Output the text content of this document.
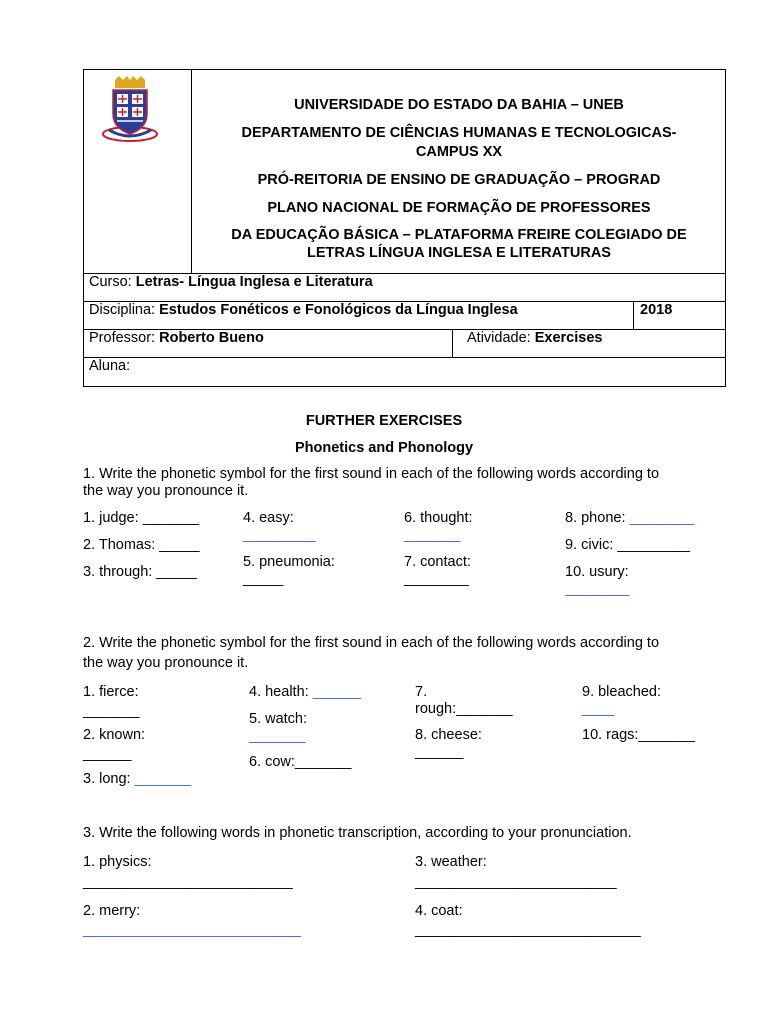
UNIVERSIDADE DO ESTADO DA BAHIA – UNEB
DEPARTAMENTO DE CIÊNCIAS HUMANAS E TECNOLOGICAS-
CAMPUS XX
PRÓ-REITORIA DE ENSINO DE GRADUAÇÃO – PROGRAD
PLANO NACIONAL DE FORMAÇÃO DE PROFESSORES
DA EDUCAÇÃO BÁSICA – PLATAFORMA FREIRE COLEGIADO DE
LETRAS LÍNGUA INGLESA E LITERATURAS
Curso: Letras- Língua Inglesa e Literatura
Disciplina: Estudos Fonéticos e Fonológicos da Língua Inglesa	2018
Professor: Roberto Bueno	Atividade: Exercises
Aluna:
FURTHER EXERCISES
Phonetics and Phonology
1. Write the phonetic symbol for the first sound in each of the following words according to
the way you pronounce it.
1. judge: _______
2. Thomas: _____
3. through: _____
4. easy:
_________
5. pneumonia:
_____
6. thought:
_______
7. contact:
________
8. phone: ________
9. civic: _________
10. usury:
________
2. Write the phonetic symbol for the first sound in each of the following words according to
the way you pronounce it.
1. fierce:
_______
2. known:
______
3. long: _______
4. health: ______
5. watch:
_______
6. cow:_______
7.
rough:_______
8. cheese:
______
9. bleached:
____
10. rags:_______
3. Write the following words in phonetic transcription, according to your pronunciation.
1. physics:
__________________________
2. merry:
___________________________
3. weather:
_________________________
4. coat:
____________________________
